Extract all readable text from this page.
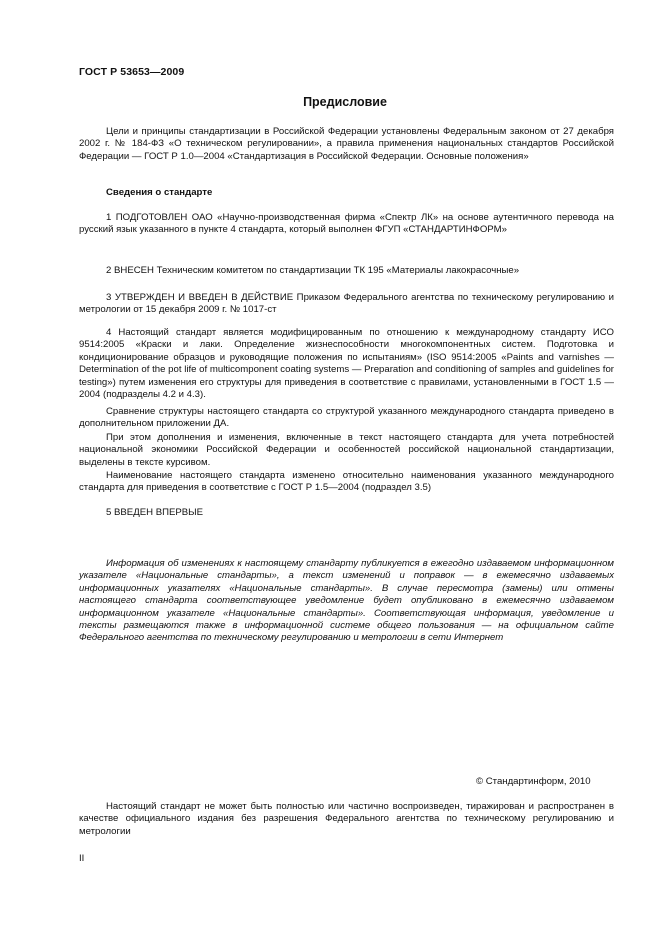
ГОСТ Р 53653—2009
Предисловие
Цели и принципы стандартизации в Российской Федерации установлены Федеральным законом от 27 декабря 2002 г. № 184-ФЗ «О техническом регулировании», а правила применения национальных стандартов Российской Федерации — ГОСТ Р 1.0—2004 «Стандартизация в Российской Федерации. Основные положения»
Сведения о стандарте
1 ПОДГОТОВЛЕН ОАО «Научно-производственная фирма «Спектр ЛК» на основе аутентичного перевода на русский язык указанного в пункте 4 стандарта, который выполнен ФГУП «СТАНДАРТИНФОРМ»
2 ВНЕСЕН Техническим комитетом по стандартизации ТК 195 «Материалы лакокрасочные»
3 УТВЕРЖДЕН И ВВЕДЕН В ДЕЙСТВИЕ Приказом Федерального агентства по техническому регулированию и метрологии от 15 декабря 2009 г. № 1017-ст
4 Настоящий стандарт является модифицированным по отношению к международному стандарту ИСО 9514:2005 «Краски и лаки. Определение жизнеспособности многокомпонентных систем. Подготовка и кондиционирование образцов и руководящие положения по испытаниям» (ISO 9514:2005 «Paints and varnishes — Determination of the pot life of multicomponent coating systems — Preparation and conditioning of samples and guidelines for testing») путем изменения его структуры для приведения в соответствие с правилами, установленными в ГОСТ 1.5 — 2004 (подразделы 4.2 и 4.3).
Сравнение структуры настоящего стандарта со структурой указанного международного стандарта приведено в дополнительном приложении ДА.
При этом дополнения и изменения, включенные в текст настоящего стандарта для учета потребностей национальной экономики Российской Федерации и особенностей российской национальной стандартизации, выделены в тексте курсивом.
Наименование настоящего стандарта изменено относительно наименования указанного международного стандарта для приведения в соответствие с ГОСТ Р 1.5—2004 (подраздел 3.5)
5 ВВЕДЕН ВПЕРВЫЕ
Информация об изменениях к настоящему стандарту публикуется в ежегодно издаваемом информационном указателе «Национальные стандарты», а текст изменений и поправок — в ежемесячно издаваемых информационных указателях «Национальные стандарты». В случае пересмотра (замены) или отмены настоящего стандарта соответствующее уведомление будет опубликовано в ежемесячно издаваемом информационном указателе «Национальные стандарты». Соответствующая информация, уведомление и тексты размещаются также в информационной системе общего пользования — на официальном сайте Федерального агентства по техническому регулированию и метрологии в сети Интернет
© Стандартинформ, 2010
Настоящий стандарт не может быть полностью или частично воспроизведен, тиражирован и распространен в качестве официального издания без разрешения Федерального агентства по техническому регулированию и метрологии
II
